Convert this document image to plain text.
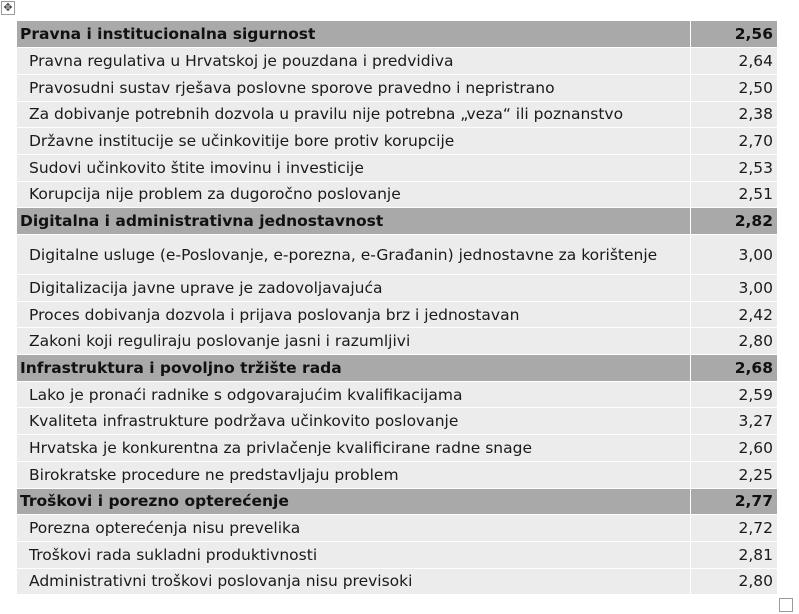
✥
Pravna i institucionalna sigurnost	2,56
Pravna regulativa u Hrvatskoj je pouzdana i predvidiva	2,64
Pravosudni sustav rješava poslovne sporove pravedno i nepristrano	2,50
Za dobivanje potrebnih dozvola u pravilu nije potrebna „veza“ ili poznanstvo	2,38
Državne institucije se učinkovitije bore protiv korupcije	2,70
Sudovi učinkovito štite imovinu i investicije	2,53
Korupcija nije problem za dugoročno poslovanje	2,51
Digitalna i administrativna jednostavnost	2,82
Digitalne usluge (e-Poslovanje, e-porezna, e-Građanin) jednostavne za korištenje	3,00
Digitalizacija javne uprave je zadovoljavajuća	3,00
Proces dobivanja dozvola i prijava poslovanja brz i jednostavan	2,42
Zakoni koji reguliraju poslovanje jasni i razumljivi	2,80
Infrastruktura i povoljno tržište rada	2,68
Lako je pronaći radnike s odgovarajućim kvalifikacijama	2,59
Kvaliteta infrastrukture podržava učinkovito poslovanje	3,27
Hrvatska je konkurentna za privlačenje kvalificirane radne snage	2,60
Birokratske procedure ne predstavljaju problem	2,25
Troškovi i porezno opterećenje	2,77
Porezna opterećenja nisu prevelika	2,72
Troškovi rada sukladni produktivnosti	2,81
Administrativni troškovi poslovanja nisu previsoki	2,80
